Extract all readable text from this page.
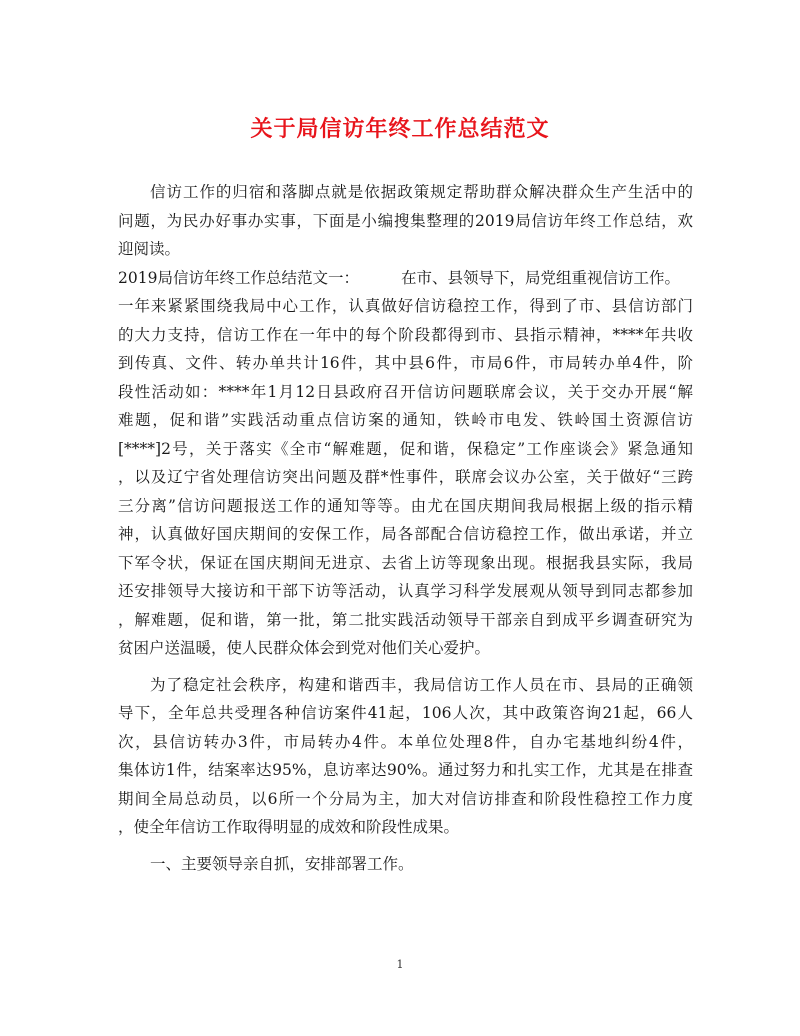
关于局信访年终工作总结范文
信访工作的归宿和落脚点就是依据政策规定帮助群众解决群众生产生活中的
问题，为民办好事办实事，下面是小编搜集整理的2019局信访年终工作总结，欢
迎阅读。
2019局信访年终工作总结范文一：	在市、县领导下，局党组重视信访工作。
一年来紧紧围绕我局中心工作，认真做好信访稳控工作，得到了市、县信访部门
的大力支持，信访工作在一年中的每个阶段都得到市、县指示精神，****年共收
到传真、文件、转办单共计16件，其中县6件，市局6件，市局转办单4件，阶
段性活动如：****年1月12日县政府召开信访问题联席会议，关于交办开展“解
难题，促和谐”实践活动重点信访案的通知，铁岭市电发、铁岭国土资源信访
[****]2号，关于落实《全市“解难题，促和谐，保稳定”工作座谈会》紧急通知
，以及辽宁省处理信访突出问题及群*性事件，联席会议办公室，关于做好“三跨
三分离”信访问题报送工作的通知等等。由尤在国庆期间我局根据上级的指示精
神，认真做好国庆期间的安保工作，局各部配合信访稳控工作，做出承诺，并立
下军令状，保证在国庆期间无进京、去省上访等现象出现。根据我县实际，我局
还安排领导大接访和干部下访等活动，认真学习科学发展观从领导到同志都参加
，解难题，促和谐，第一批，第二批实践活动领导干部亲自到成平乡调查研究为
贫困户送温暖，使人民群众体会到党对他们关心爱护。
为了稳定社会秩序，构建和谐西丰，我局信访工作人员在市、县局的正确领
导下，全年总共受理各种信访案件41起，106人次，其中政策咨询21起，66人
次，县信访转办3件，市局转办4件。本单位处理8件，自办宅基地纠纷4件，
集体访1件，结案率达95%，息访率达90%。通过努力和扎实工作，尤其是在排查
期间全局总动员，以6所一个分局为主，加大对信访排查和阶段性稳控工作力度
，使全年信访工作取得明显的成效和阶段性成果。
一、主要领导亲自抓，安排部署工作。
1
